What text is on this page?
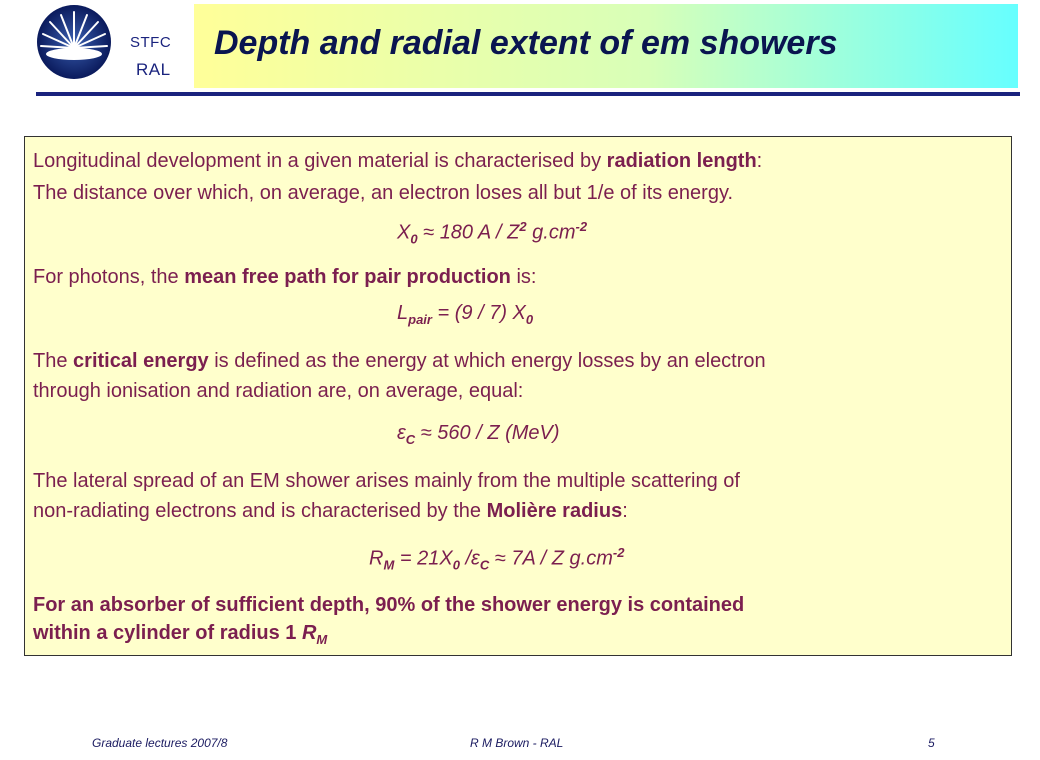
STFC
RAL
Depth and radial extent of em showers

Longitudinal development in a given material is characterised by radiation length:

The distance over which, on average, an electron loses all but 1/e of its energy.

$X_0 \approx 180$ A / $Z^2$ $g.cm^{-2}$

For photons, the mean free path for pair production is:

$L_{pair} = (9 / 7)$ $X_0$

The critical energy is defined as the energy at which energy losses by an electron

through ionisation and radiation are, on average, equal:

$\varepsilon_C \approx 560 / Z$ (MeV)

The lateral spread of an EM shower arises mainly from the multiple scattering of

non-radiating electrons and is characterised by the Molière radius:

$R_M = 21X_0$ $/\varepsilon_C \approx 7A / Z$ $g.cm^{-2}$

For an absorber of sufficient depth, 90% of the shower energy is contained

within a cylinder of radius 1 $R_M$

Graduate lectures 2007/8	R M Brown - RAL	5
